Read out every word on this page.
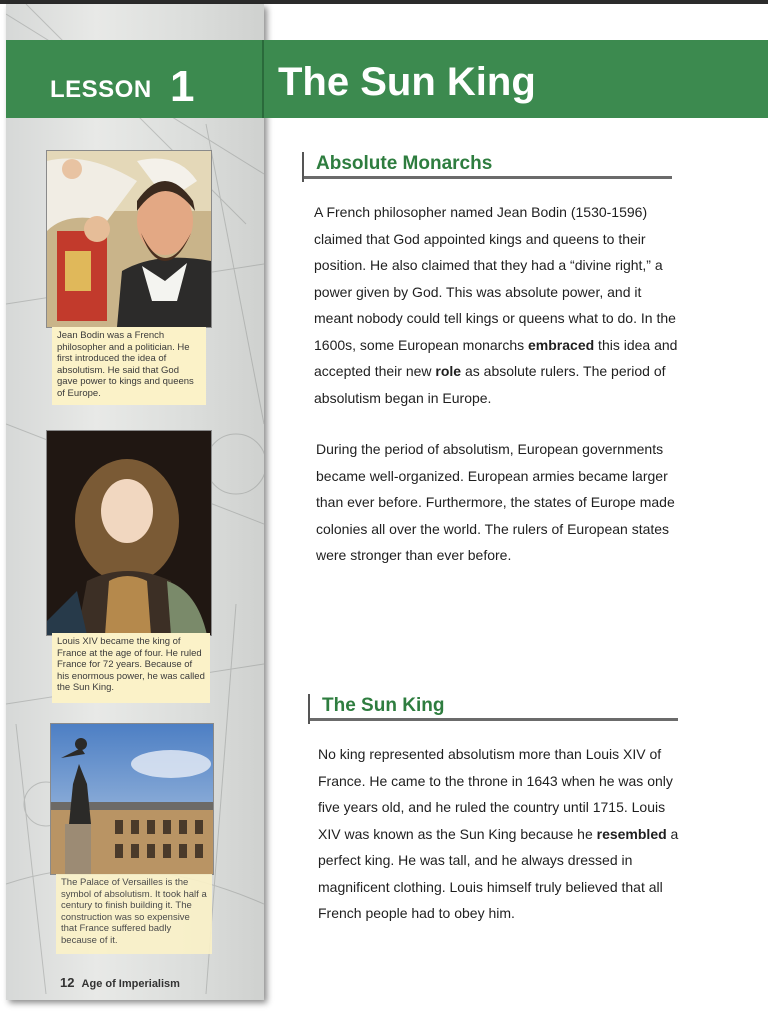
LESSON 1 The Sun King
Jean Bodin was a French philosopher and a politician. He first introduced the idea of absolutism. He said that God gave power to kings and queens of Europe.
Louis XIV became the king of France at the age of four. He ruled France for 72 years. Because of his enormous power, he was called the Sun King.
The Palace of Versailles is the symbol of absolutism. It took half a century to finish building it. The construction was so expensive that France suffered badly because of it.
12 Age of Imperialism
Absolute Monarchs

A French philosopher named Jean Bodin (1530-1596) claimed that God appointed kings and queens to their position. He also claimed that they had a “divine right,” a power given by God. This was absolute power, and it meant nobody could tell kings or queens what to do. In the 1600s, some European monarchs embraced this idea and accepted their new role as absolute rulers. The period of absolutism began in Europe.

During the period of absolutism, European governments became well-organized. European armies became larger than ever before. Furthermore, the states of Europe made colonies all over the world. The rulers of European states were stronger than ever before.

The Sun King

No king represented absolutism more than Louis XIV of France. He came to the throne in 1643 when he was only five years old, and he ruled the country until 1715. Louis XIV was known as the Sun King because he resembled a perfect king. He was tall, and he always dressed in magnificent clothing. Louis himself truly believed that all French people had to obey him.
